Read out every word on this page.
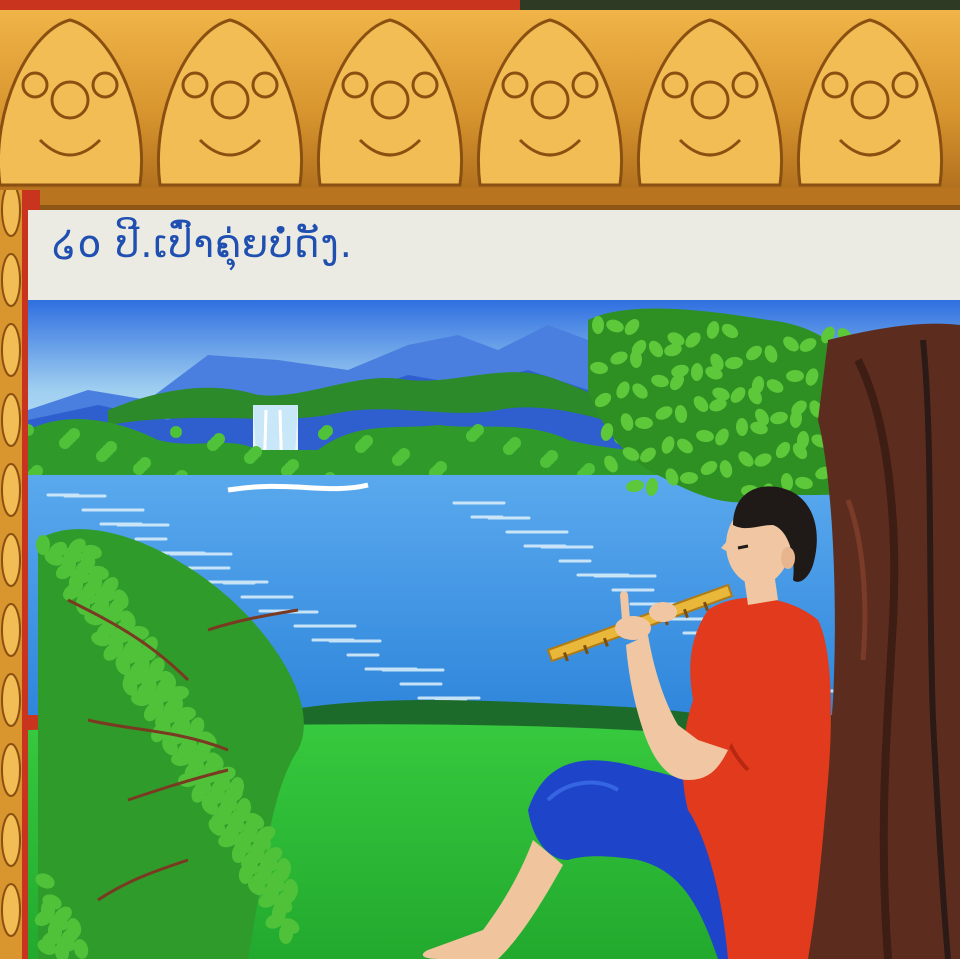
໒໐ ປີ.ເປົ່າຄຸ່ຍບໍ່ດັງ.
